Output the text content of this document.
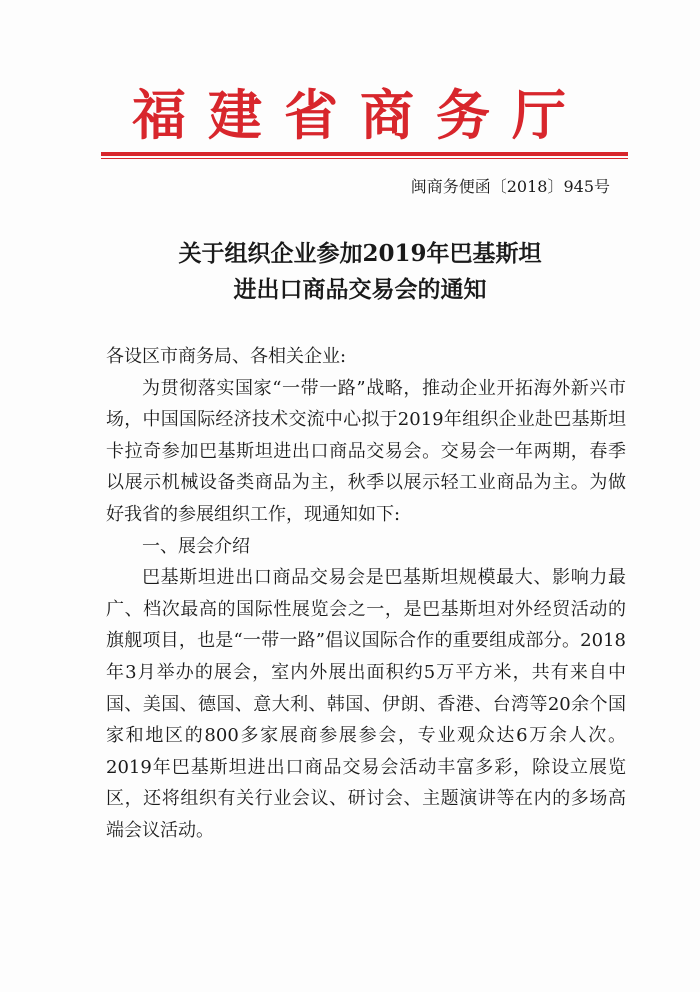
福建省商务厅
闽商务便函〔2018〕945号
关于组织企业参加2019年巴基斯坦
进出口商品交易会的通知

各设区市商务局、各相关企业:

为贯彻落实国家“一带一路”战略，推动企业开拓海外新兴市场，中国国际经济技术交流中心拟于2019年组织企业赴巴基斯坦卡拉奇参加巴基斯坦进出口商品交易会。交易会一年两期，春季以展示机械设备类商品为主，秋季以展示轻工业商品为主。为做好我省的参展组织工作，现通知如下:

一、展会介绍

巴基斯坦进出口商品交易会是巴基斯坦规模最大、影响力最广、档次最高的国际性展览会之一，是巴基斯坦对外经贸活动的旗舰项目，也是“一带一路”倡议国际合作的重要组成部分。2018年3月举办的展会，室内外展出面积约5万平方米，共有来自中国、美国、德国、意大利、韩国、伊朗、香港、台湾等20余个国家和地区的800多家展商参展参会，专业观众达6万余人次。2019年巴基斯坦进出口商品交易会活动丰富多彩，除设立展览区，还将组织有关行业会议、研讨会、主题演讲等在内的多场高端会议活动。
